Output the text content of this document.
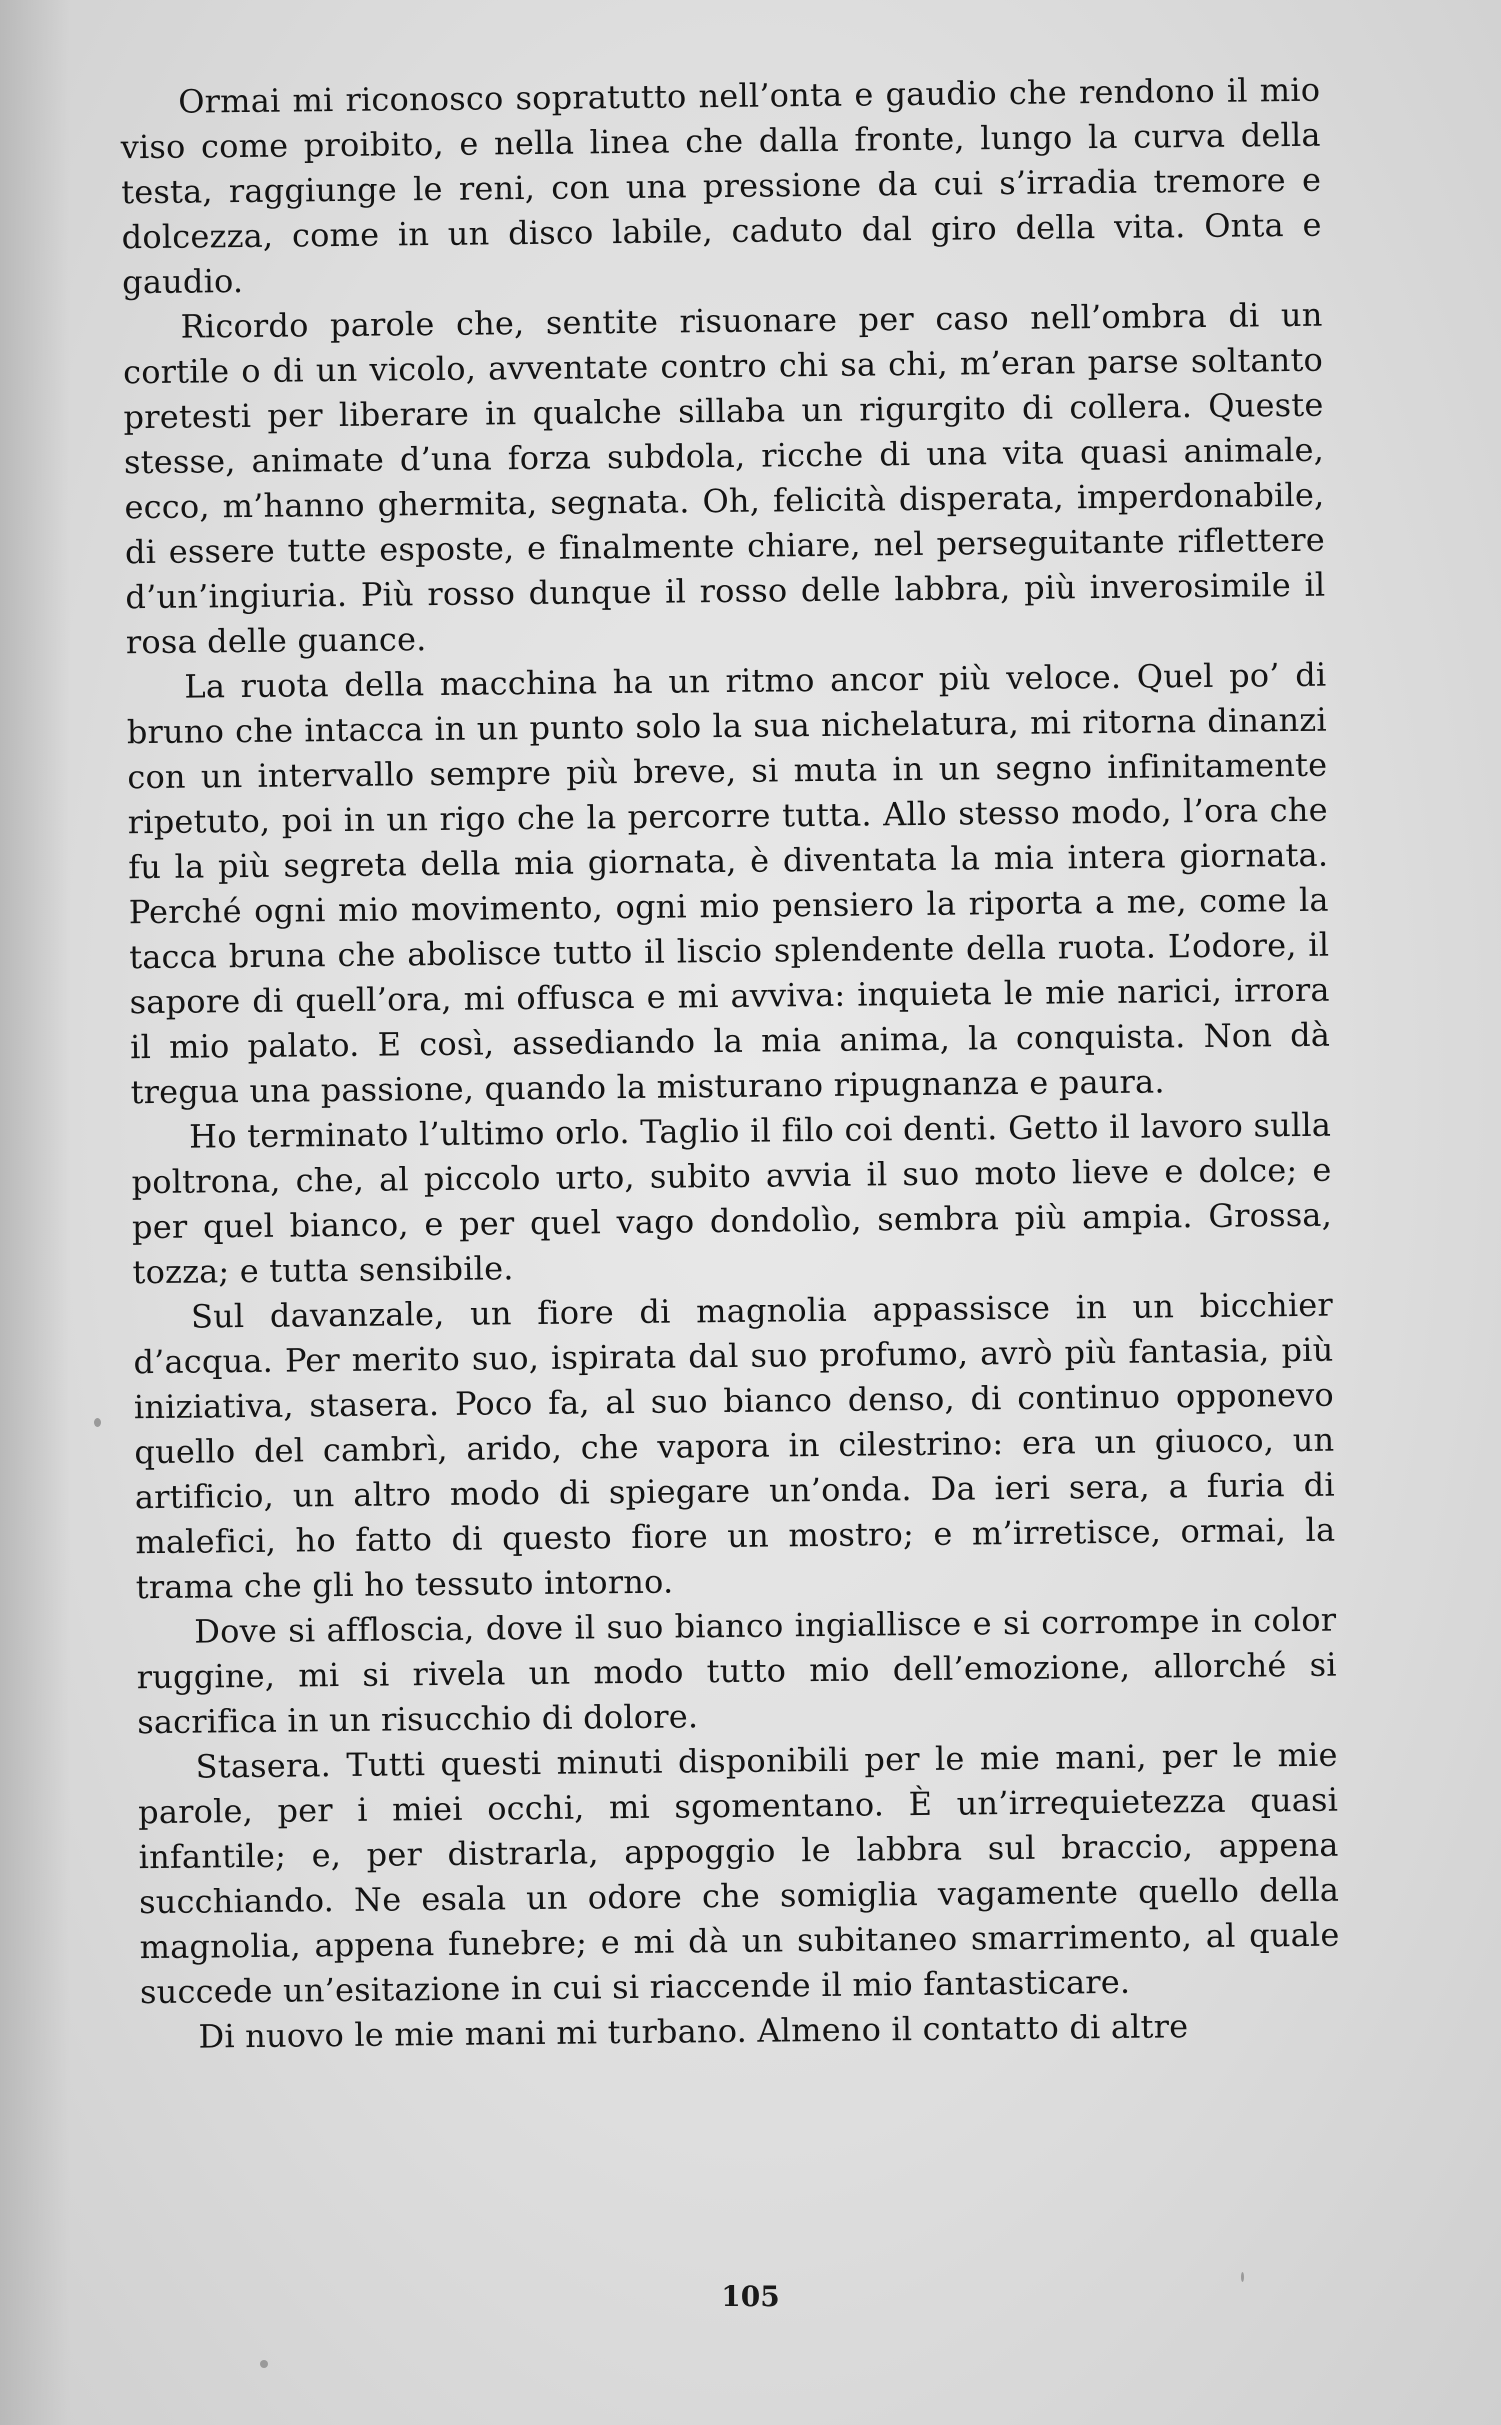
Ormai mi riconosco sopratutto nell’onta e gaudio che rendono il mio viso come proibito, e nella linea che dalla fronte, lungo la curva della testa, raggiunge le reni, con una pressione da cui s’irradia tremore e dolcezza, come in un disco labile, caduto dal giro della vita. Onta e gaudio.

Ricordo parole che, sentite risuonare per caso nell’ombra di un cortile o di un vicolo, avventate contro chi sa chi, m’eran parse soltanto pretesti per liberare in qualche sillaba un rigurgito di collera. Queste stesse, animate d’una forza subdola, ricche di una vita quasi animale, ecco, m’hanno ghermita, segnata. Oh, felicità disperata, imperdonabile, di essere tutte esposte, e finalmente chiare, nel perseguitante riflettere d’un’ingiuria. Più rosso dunque il rosso delle labbra, più inverosimile il rosa delle guance.

La ruota della macchina ha un ritmo ancor più veloce. Quel po’ di bruno che intacca in un punto solo la sua nichelatura, mi ritorna dinanzi con un intervallo sempre più breve, si muta in un segno infinitamente ripetuto, poi in un rigo che la percorre tutta. Allo stesso modo, l’ora che fu la più segreta della mia giornata, è diventata la mia intera giornata. Perché ogni mio movimento, ogni mio pensiero la riporta a me, come la tacca bruna che abolisce tutto il liscio splendente della ruota. L’odore, il sapore di quell’ora, mi offusca e mi avviva: inquieta le mie narici, irrora il mio palato. E così, assediando la mia anima, la conquista. Non dà tregua una passione, quando la misturano ripugnanza e paura.

Ho terminato l’ultimo orlo. Taglio il filo coi denti. Getto il lavoro sulla poltrona, che, al piccolo urto, subito avvia il suo moto lieve e dolce; e per quel bianco, e per quel vago dondolìo, sembra più ampia. Grossa, tozza; e tutta sensibile.

Sul davanzale, un fiore di magnolia appassisce in un bicchier d’acqua. Per merito suo, ispirata dal suo profumo, avrò più fantasia, più iniziativa, stasera. Poco fa, al suo bianco denso, di continuo opponevo quello del cambrì, arido, che vapora in cilestrino: era un giuoco, un artificio, un altro modo di spiegare un’onda. Da ieri sera, a furia di malefici, ho fatto di questo fiore un mostro; e m’irretisce, ormai, la trama che gli ho tessuto intorno.

Dove si affloscia, dove il suo bianco ingiallisce e si corrompe in color ruggine, mi si rivela un modo tutto mio dell’emozione, allorché si sacrifica in un risucchio di dolore.

Stasera. Tutti questi minuti disponibili per le mie mani, per le mie parole, per i miei occhi, mi sgomentano. È un’irrequietezza quasi infantile; e, per distrarla, appoggio le labbra sul braccio, appena succhiando. Ne esala un odore che somiglia vagamente quello della magnolia, appena funebre; e mi dà un subitaneo smarrimento, al quale succede un’esitazione in cui si riaccende il mio fantasticare.

Di nuovo le mie mani mi turbano. Almeno il contatto di altre

105
